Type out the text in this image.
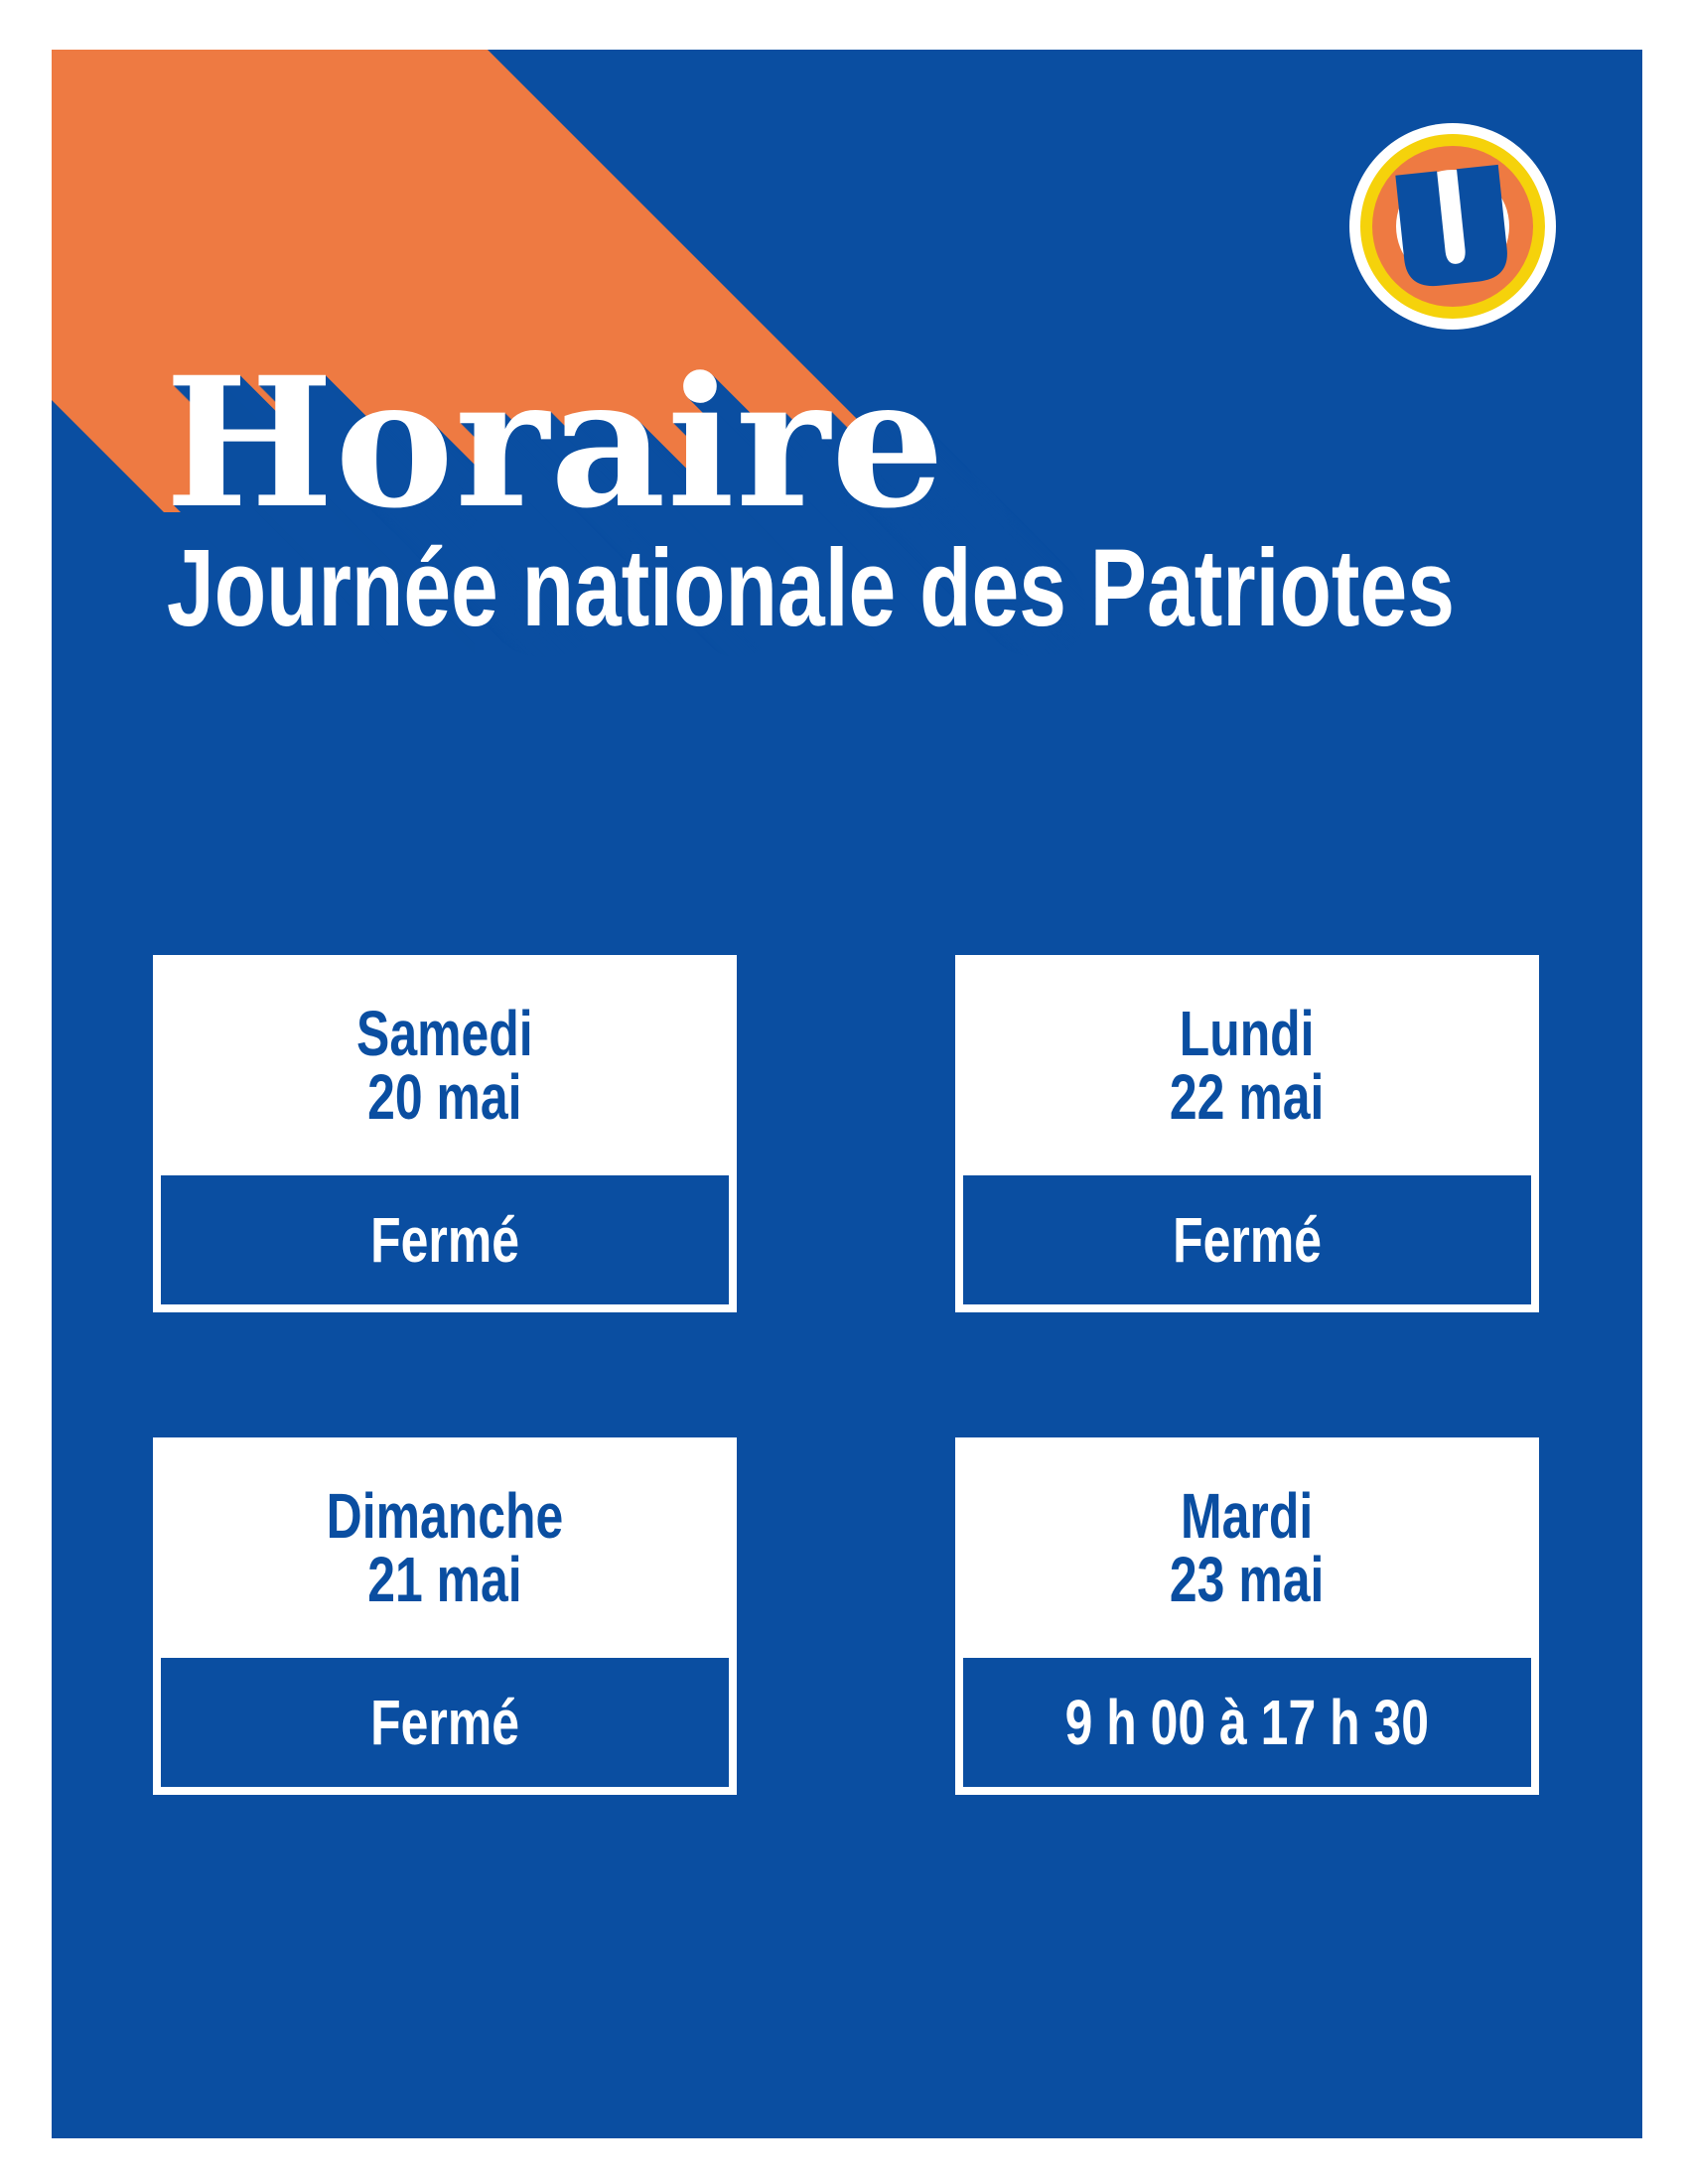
Horaire

Journée nationale des Patriotes

Samedi
20 mai
Fermé
Lundi
22 mai
Fermé
Dimanche
21 mai
Fermé
Mardi
23 mai
9 h 00 à 17 h 30
